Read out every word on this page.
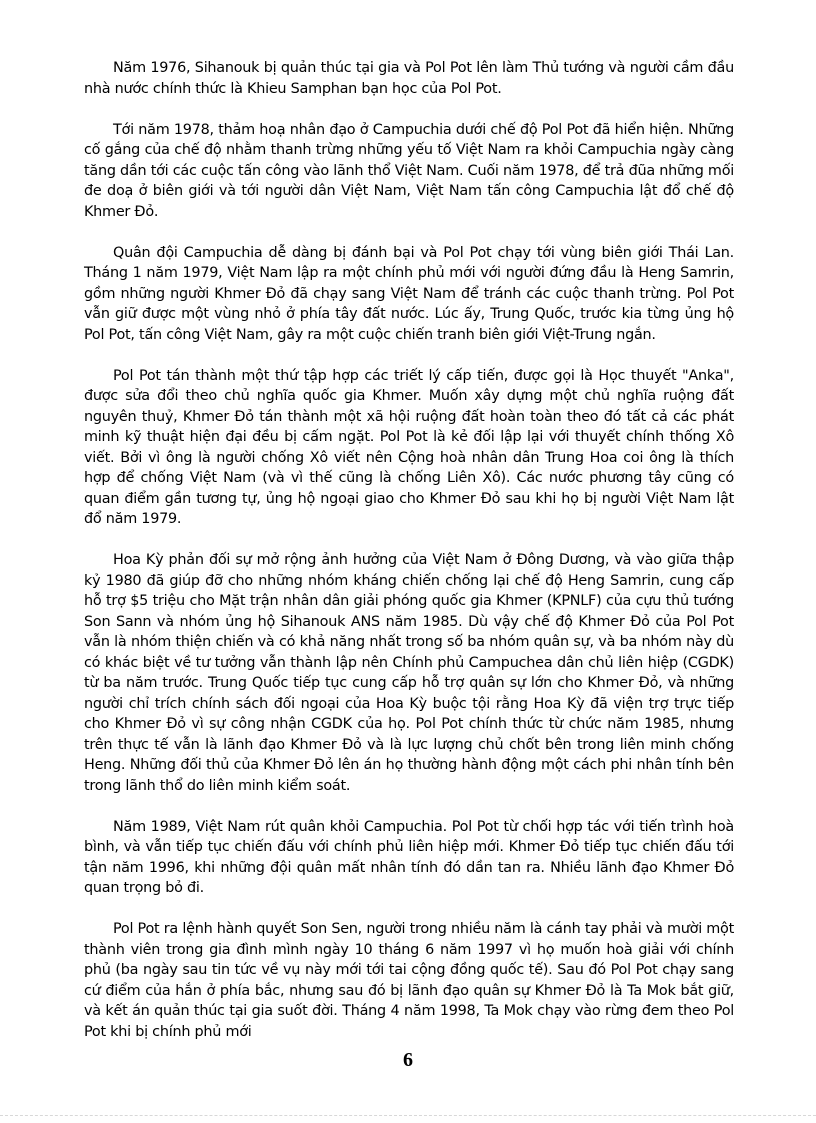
Năm 1976, Sihanouk bị quản thúc tại gia và Pol Pot lên làm Thủ tướng và người cầm đầu nhà nước chính thức là Khieu Samphan bạn học của Pol Pot.

Tới năm 1978, thảm hoạ nhân đạo ở Campuchia dưới chế độ Pol Pot đã hiển hiện. Những cố gắng của chế độ nhằm thanh trừng những yếu tố Việt Nam ra khỏi Campuchia ngày càng tăng dần tới các cuộc tấn công vào lãnh thổ Việt Nam. Cuối năm 1978, để trả đũa những mối đe doạ ở biên giới và tới người dân Việt Nam, Việt Nam tấn công Campuchia lật đổ chế độ Khmer Đỏ.

Quân đội Campuchia dễ dàng bị đánh bại và Pol Pot chạy tới vùng biên giới Thái Lan. Tháng 1 năm 1979, Việt Nam lập ra một chính phủ mới với người đứng đầu là Heng Samrin, gồm những người Khmer Đỏ đã chạy sang Việt Nam để tránh các cuộc thanh trừng. Pol Pot vẫn giữ được một vùng nhỏ ở phía tây đất nước. Lúc ấy, Trung Quốc, trước kia từng ủng hộ Pol Pot, tấn công Việt Nam, gây ra một cuộc chiến tranh biên giới Việt-Trung ngắn.

Pol Pot tán thành một thứ tập hợp các triết lý cấp tiến, được gọi là Học thuyết "Anka", được sửa đổi theo chủ nghĩa quốc gia Khmer. Muốn xây dựng một chủ nghĩa ruộng đất nguyên thuỷ, Khmer Đỏ tán thành một xã hội ruộng đất hoàn toàn theo đó tất cả các phát minh kỹ thuật hiện đại đều bị cấm ngặt. Pol Pot là kẻ đối lập lại với thuyết chính thống Xô viết. Bởi vì ông là người chống Xô viết nên Cộng hoà nhân dân Trung Hoa coi ông là thích hợp để chống Việt Nam (và vì thế cũng là chống Liên Xô). Các nước phương tây cũng có quan điểm gần tương tự, ủng hộ ngoại giao cho Khmer Đỏ sau khi họ bị người Việt Nam lật đổ năm 1979.

Hoa Kỳ phản đối sự mở rộng ảnh hưởng của Việt Nam ở Đông Dương, và vào giữa thập kỷ 1980 đã giúp đỡ cho những nhóm kháng chiến chống lại chế độ Heng Samrin, cung cấp hỗ trợ $5 triệu cho Mặt trận nhân dân giải phóng quốc gia Khmer (KPNLF) của cựu thủ tướng Son Sann và nhóm ủng hộ Sihanouk ANS năm 1985. Dù vậy chế độ Khmer Đỏ của Pol Pot vẫn là nhóm thiện chiến và có khả năng nhất trong số ba nhóm quân sự, và ba nhóm này dù có khác biệt về tư tưởng vẫn thành lập nên Chính phủ Campuchea dân chủ liên hiệp (CGDK) từ ba năm trước. Trung Quốc tiếp tục cung cấp hỗ trợ quân sự lớn cho Khmer Đỏ, và những người chỉ trích chính sách đối ngoại của Hoa Kỳ buộc tội rằng Hoa Kỳ đã viện trợ trực tiếp cho Khmer Đỏ vì sự công nhận CGDK của họ. Pol Pot chính thức từ chức năm 1985, nhưng trên thực tế vẫn là lãnh đạo Khmer Đỏ và là lực lượng chủ chốt bên trong liên minh chống Heng. Những đối thủ của Khmer Đỏ lên án họ thường hành động một cách phi nhân tính bên trong lãnh thổ do liên minh kiểm soát.

Năm 1989, Việt Nam rút quân khỏi Campuchia. Pol Pot từ chối hợp tác với tiến trình hoà bình, và vẫn tiếp tục chiến đấu với chính phủ liên hiệp mới. Khmer Đỏ tiếp tục chiến đấu tới tận năm 1996, khi những đội quân mất nhân tính đó dần tan ra. Nhiều lãnh đạo Khmer Đỏ quan trọng bỏ đi.

Pol Pot ra lệnh hành quyết Son Sen, người trong nhiều năm là cánh tay phải và mười một thành viên trong gia đình mình ngày 10 tháng 6 năm 1997 vì họ muốn hoà giải với chính phủ (ba ngày sau tin tức về vụ này mới tới tai cộng đồng quốc tế). Sau đó Pol Pot chạy sang cứ điểm của hắn ở phía bắc, nhưng sau đó bị lãnh đạo quân sự Khmer Đỏ là Ta Mok bắt giữ, và kết án quản thúc tại gia suốt đời. Tháng 4 năm 1998, Ta Mok chạy vào rừng đem theo Pol Pot khi bị chính phủ mới

6
